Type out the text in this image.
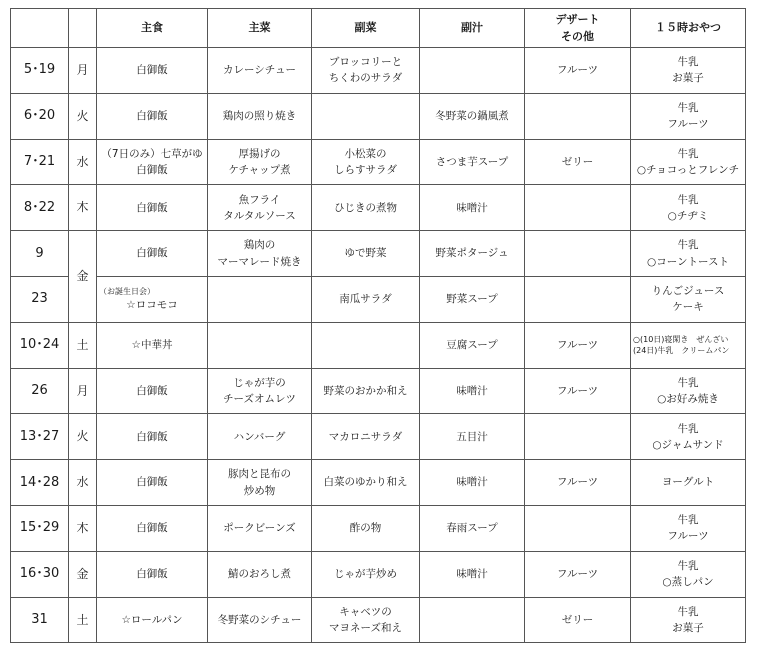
		主食	主菜	副菜	副汁	デザート
その他	１５時おやつ
5･19	月	白御飯	カレーシチュー	ブロッコリーと
ちくわのサラダ		フルーツ	牛乳
お菓子

6･20	火	白御飯	鶏肉の照り焼き		冬野菜の鍋風煮		牛乳
フルーツ

7･21	水	（7日のみ）七草がゆ
白御飯	厚揚げの
ケチャップ煮	小松菜の
しらすサラダ	さつま芋スープ	ゼリー	牛乳
○チョコっとフレンチ

8･22	木	白御飯	魚フライ
タルタルソース	ひじきの煮物	味噌汁		牛乳
○チヂミ

9	金	白御飯	鶏肉の
マーマレード焼き	ゆで野菜	野菜ポタージュ		牛乳
○コーントースト

23		（お誕生日会）
☆ロコモコ		南瓜サラダ	野菜スープ		りんごジュース
ケーキ

10･24	土	☆中華丼			豆腐スープ	フルーツ	○(10日)寝閑き　ぜんざい
(24日)牛乳　クリームパン

26	月	白御飯	じゃが芋の
チーズオムレツ	野菜のおかか和え	味噌汁	フルーツ	牛乳
○お好み焼き

13･27	火	白御飯	ハンバーグ	マカロニサラダ	五目汁		牛乳
○ジャムサンド

14･28	水	白御飯	豚肉と昆布の
炒め物	白菜のゆかり和え	味噌汁	フルーツ	ヨーグルト

15･29	木	白御飯	ポークビーンズ	酢の物	春雨スープ		牛乳
フルーツ

16･30	金	白御飯	鯖のおろし煮	じゃが芋炒め	味噌汁	フルーツ	牛乳
○蒸しパン

31	土	☆ロールパン	冬野菜のシチュー	キャベツの
マヨネーズ和え		ゼリー	牛乳
お菓子
